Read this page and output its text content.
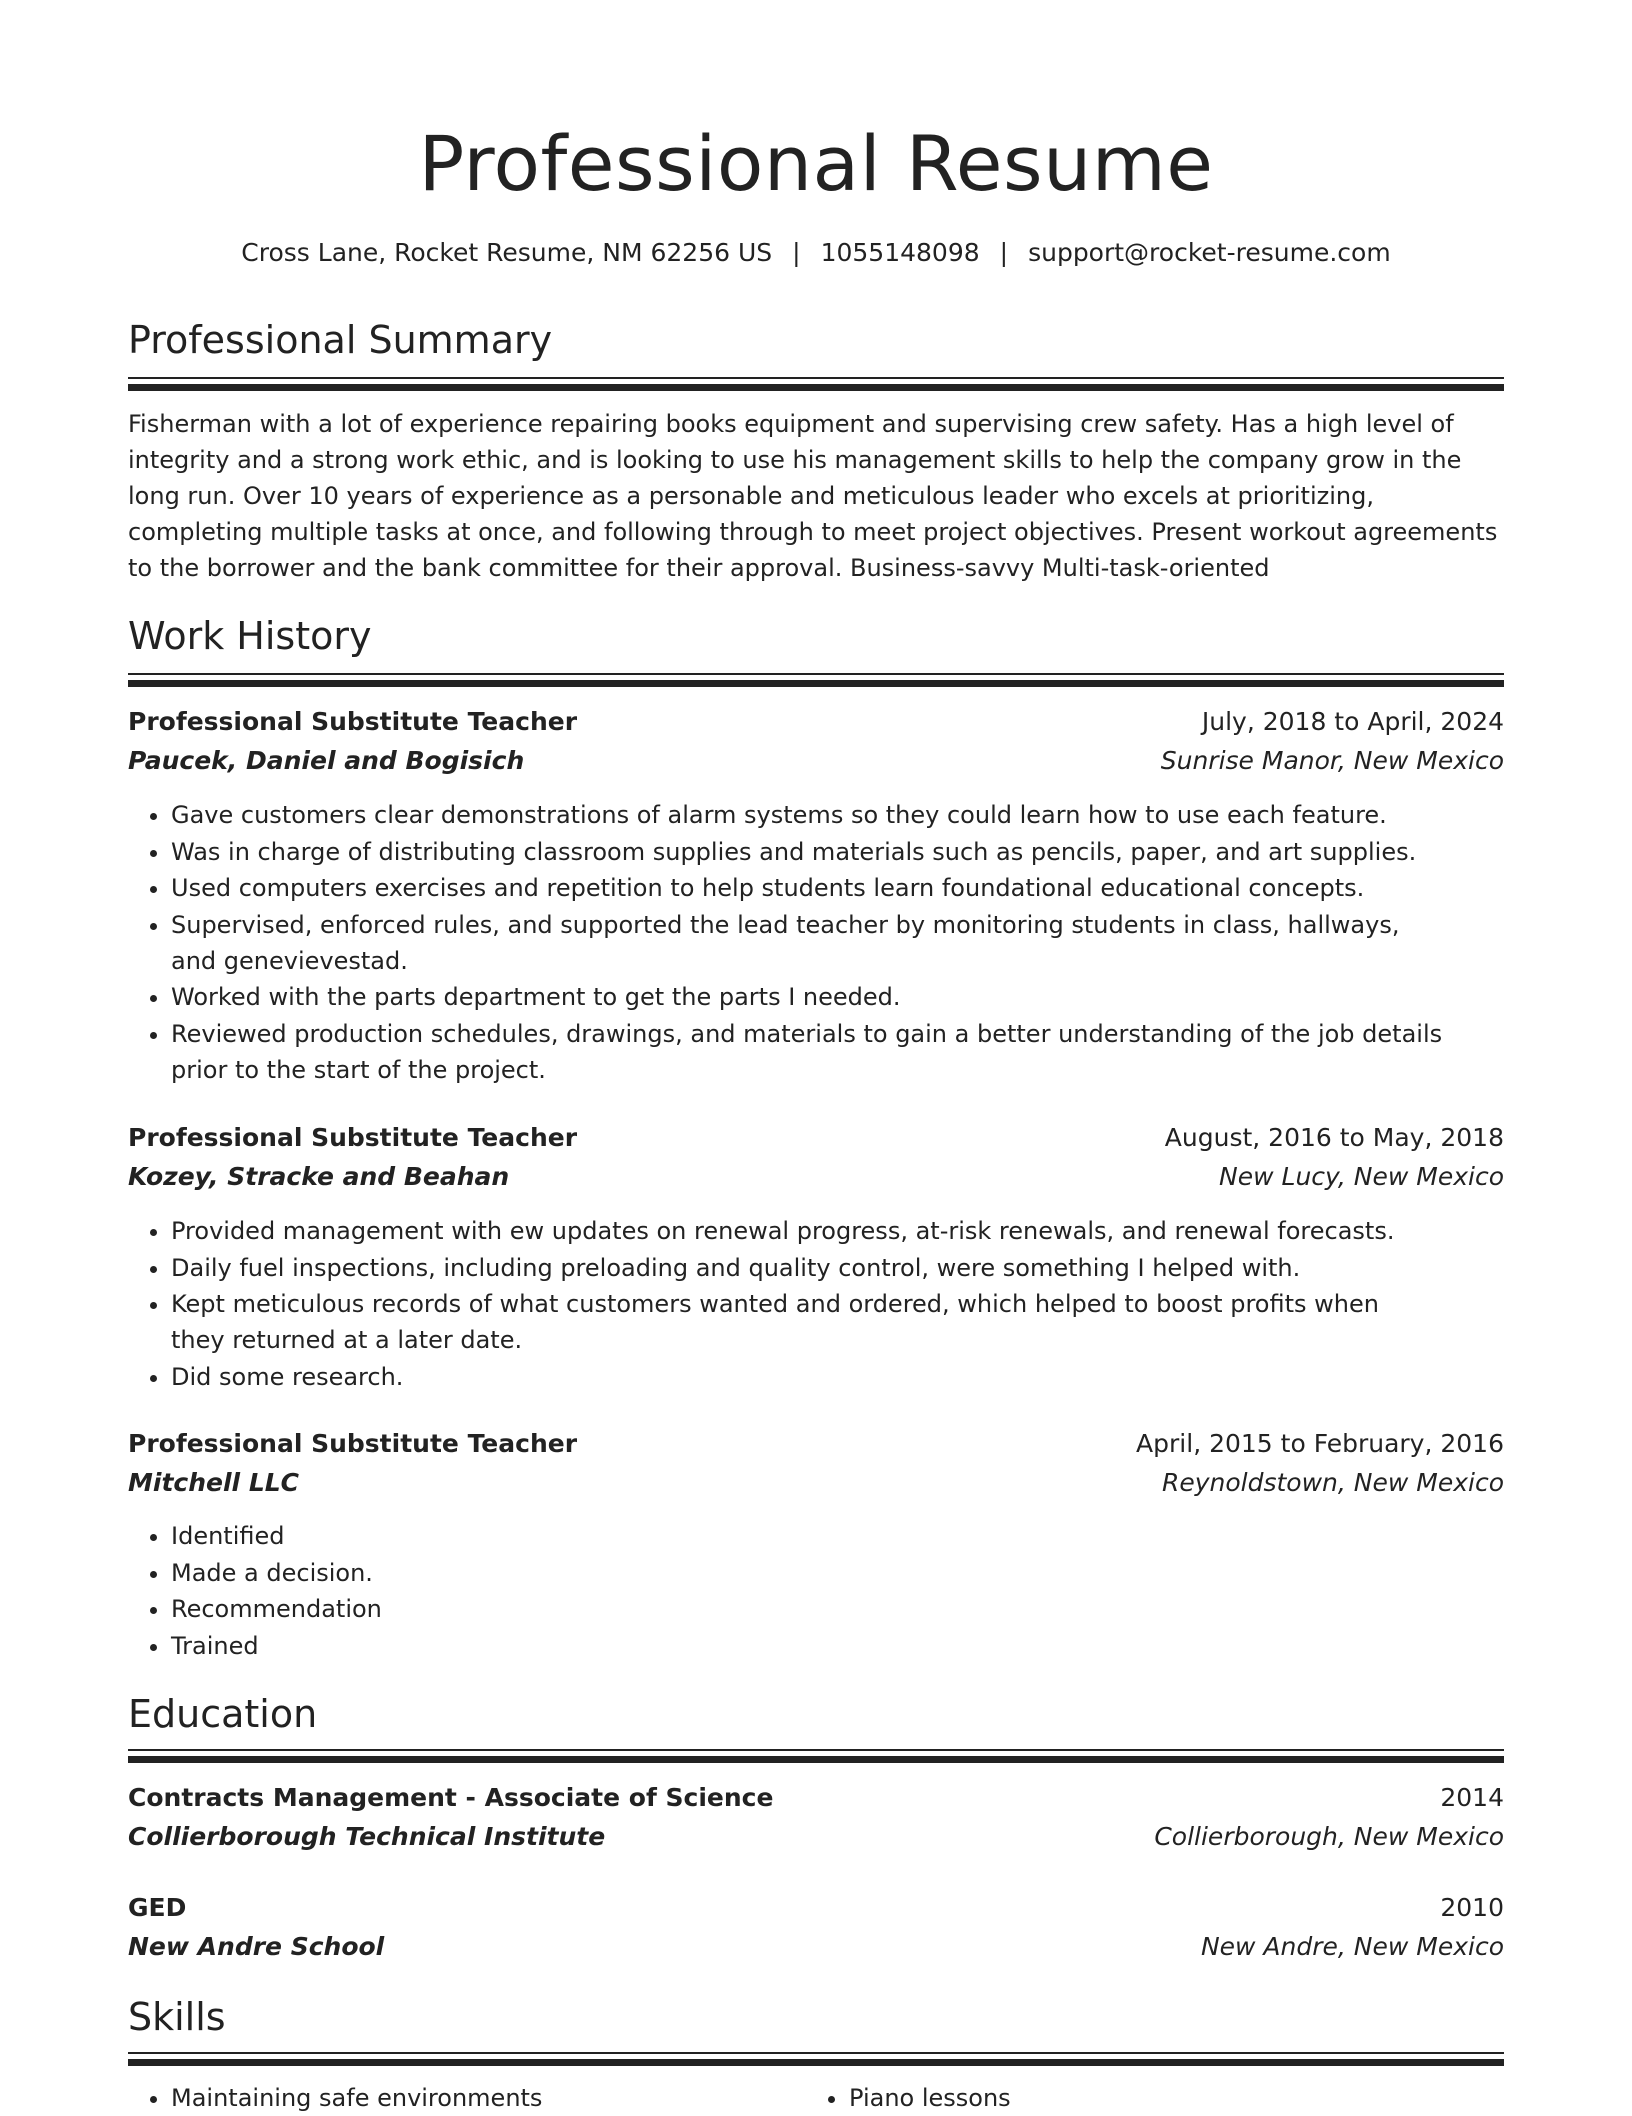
Professional Resume
Cross Lane, Rocket Resume, NM 62256 US | 1055148098 | support@rocket-resume.com
Professional Summary

Fisherman with a lot of experience repairing books equipment and supervising crew safety. Has a high level of integrity and a strong work ethic, and is looking to use his management skills to help the company grow in the long run. Over 10 years of experience as a personable and meticulous leader who excels at prioritizing, completing multiple tasks at once, and following through to meet project objectives. Present workout agreements to the borrower and the bank committee for their approval. Business-savvy Multi-task-oriented

Work History
Professional Substitute Teacher	July, 2018 to April, 2024
Paucek, Daniel and Bogisich	Sunrise Manor, New Mexico
• Gave customers clear demonstrations of alarm systems so they could learn how to use each feature.
• Was in charge of distributing classroom supplies and materials such as pencils, paper, and art supplies.
• Used computers exercises and repetition to help students learn foundational educational concepts.
• Supervised, enforced rules, and supported the lead teacher by monitoring students in class, hallways, and genevievestad.
• Worked with the parts department to get the parts I needed.
• Reviewed production schedules, drawings, and materials to gain a better understanding of the job details prior to the start of the project.
Professional Substitute Teacher	August, 2016 to May, 2018
Kozey, Stracke and Beahan	New Lucy, New Mexico
• Provided management with ew updates on renewal progress, at-risk renewals, and renewal forecasts.
• Daily fuel inspections, including preloading and quality control, were something I helped with.
• Kept meticulous records of what customers wanted and ordered, which helped to boost profits when they returned at a later date.
• Did some research.
Professional Substitute Teacher	April, 2015 to February, 2016
Mitchell LLC	Reynoldstown, New Mexico
• Identified
• Made a decision.
• Recommendation
• Trained
Education
Contracts Management - Associate of Science	2014
Collierborough Technical Institute	Collierborough, New Mexico
GED	2010
New Andre School	New Andre, New Mexico
Skills
• Maintaining safe environments
•	Piano lessons
